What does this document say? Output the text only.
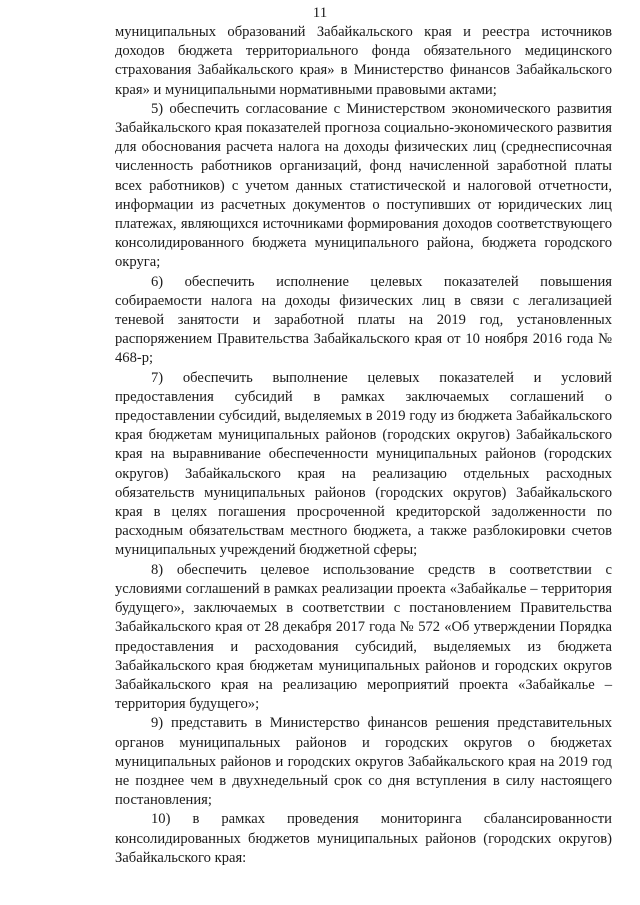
11

муниципальных образований Забайкальского края и реестра источников доходов бюджета территориального фонда обязательного медицинского страхования Забайкальского края» в Министерство финансов Забайкальского края» и муниципальными нормативными правовыми актами;

5) обеспечить согласование с Министерством экономического развития Забайкальского края показателей прогноза социально-экономического развития для обоснования расчета налога на доходы физических лиц (среднесписочная численность работников организаций, фонд начисленной заработной платы всех работников) с учетом данных статистической и налоговой отчетности, информации из расчетных документов о поступивших от юридических лиц платежах, являющихся источниками формирования доходов соответствующего консолидированного бюджета муниципального района, бюджета городского округа;

6) обеспечить исполнение целевых показателей повышения собираемости налога на доходы физических лиц в связи с легализацией теневой занятости и заработной платы на 2019 год, установленных распоряжением Правительства Забайкальского края от 10 ноября 2016 года № 468-р;

7) обеспечить выполнение целевых показателей и условий предоставления субсидий в рамках заключаемых соглашений о предоставлении субсидий, выделяемых в 2019 году из бюджета Забайкальского края бюджетам муниципальных районов (городских округов) Забайкальского края на выравнивание обеспеченности муниципальных районов (городских округов) Забайкальского края на реализацию отдельных расходных обязательств муниципальных районов (городских округов) Забайкальского края в целях погашения просроченной кредиторской задолженности по расходным обязательствам местного бюджета, а также разблокировки счетов муниципальных учреждений бюджетной сферы;

8) обеспечить целевое использование средств в соответствии с условиями соглашений в рамках реализации проекта «Забайкалье – территория будущего», заключаемых в соответствии с постановлением Правительства Забайкальского края от 28 декабря 2017 года № 572 «Об утверждении Порядка предоставления и расходования субсидий, выделяемых из бюджета Забайкальского края бюджетам муниципальных районов и городских округов Забайкальского края на реализацию мероприятий проекта «Забайкалье – территория будущего»;

9) представить в Министерство финансов решения представительных органов муниципальных районов и городских округов о бюджетах муниципальных районов и городских округов Забайкальского края на 2019 год не позднее чем в двухнедельный срок со дня вступления в силу настоящего постановления;

10) в рамках проведения мониторинга сбалансированности консолидированных бюджетов муниципальных районов (городских округов) Забайкальского края:
